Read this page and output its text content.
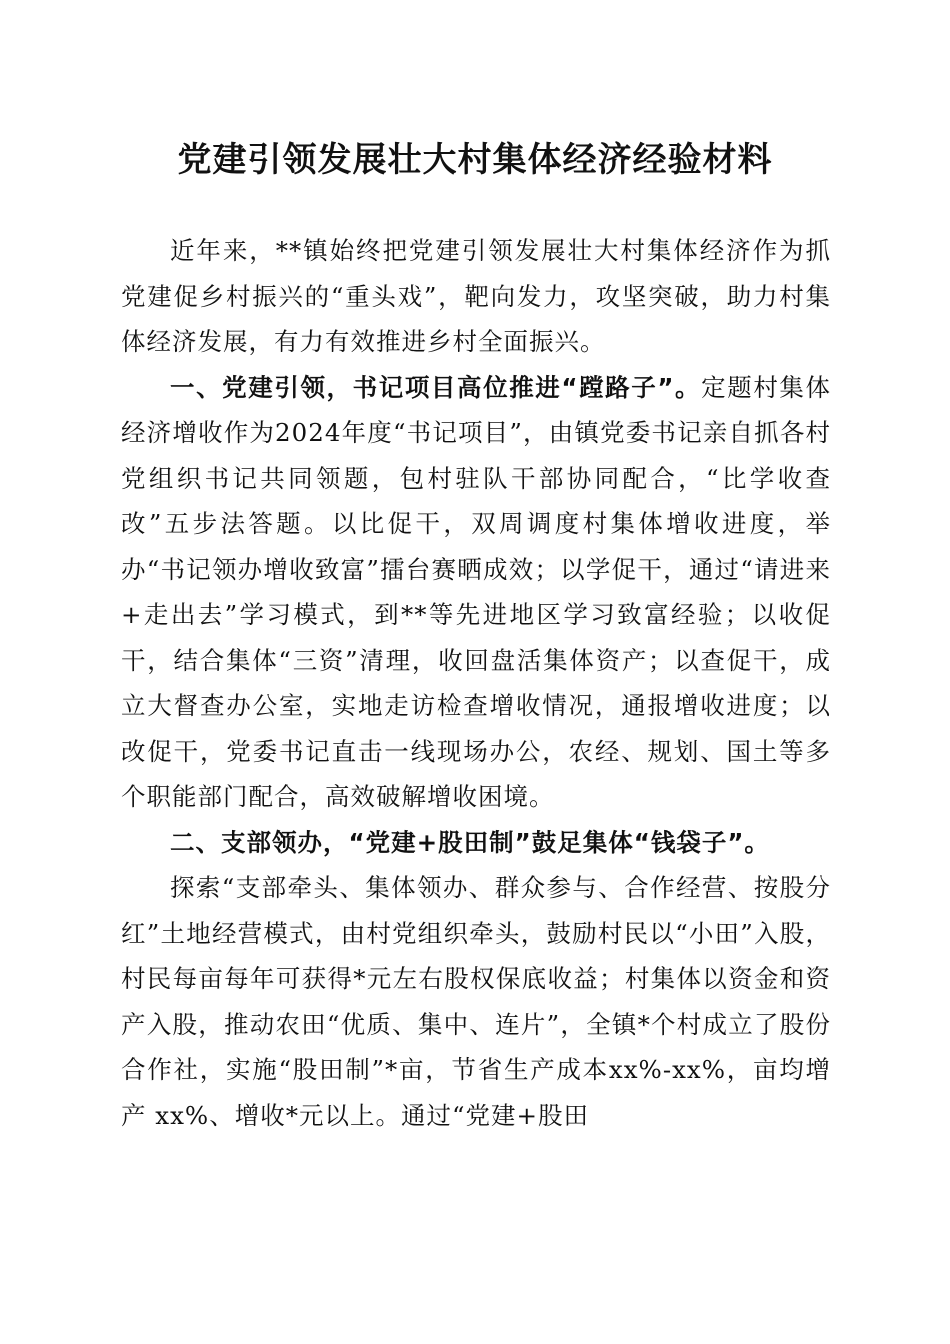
党建引领发展壮大村集体经济经验材料

近年来，**镇始终把党建引领发展壮大村集体经济作为抓党建促乡村振兴的“重头戏”，靶向发力，攻坚突破，助力村集体经济发展，有力有效推进乡村全面振兴。

一、党建引领，书记项目高位推进“蹚路子”。定题村集体经济增收作为2024年度“书记项目”，由镇党委书记亲自抓各村党组织书记共同领题，包村驻队干部协同配合，“比学收查改”五步法答题。以比促干，双周调度村集体增收进度，举办“书记领办增收致富”擂台赛晒成效；以学促干，通过“请进来+走出去”学习模式，到**等先进地区学习致富经验；以收促干，结合集体“三资”清理，收回盘活集体资产；以查促干，成立大督查办公室，实地走访检查增收情况，通报增收进度；以改促干，党委书记直击一线现场办公，农经、规划、国土等多个职能部门配合，高效破解增收困境。

二、支部领办，“党建+股田制”鼓足集体“钱袋子”。

探索“支部牵头、集体领办、群众参与、合作经营、按股分红”土地经营模式，由村党组织牵头，鼓励村民以“小田”入股，村民每亩每年可获得*元左右股权保底收益；村集体以资金和资产入股，推动农田“优质、集中、连片”，全镇*个村成立了股份合作社，实施“股田制”*亩，节省生产成本xx%-xx%，亩均增产 xx%、增收*元以上。通过“党建+股田
